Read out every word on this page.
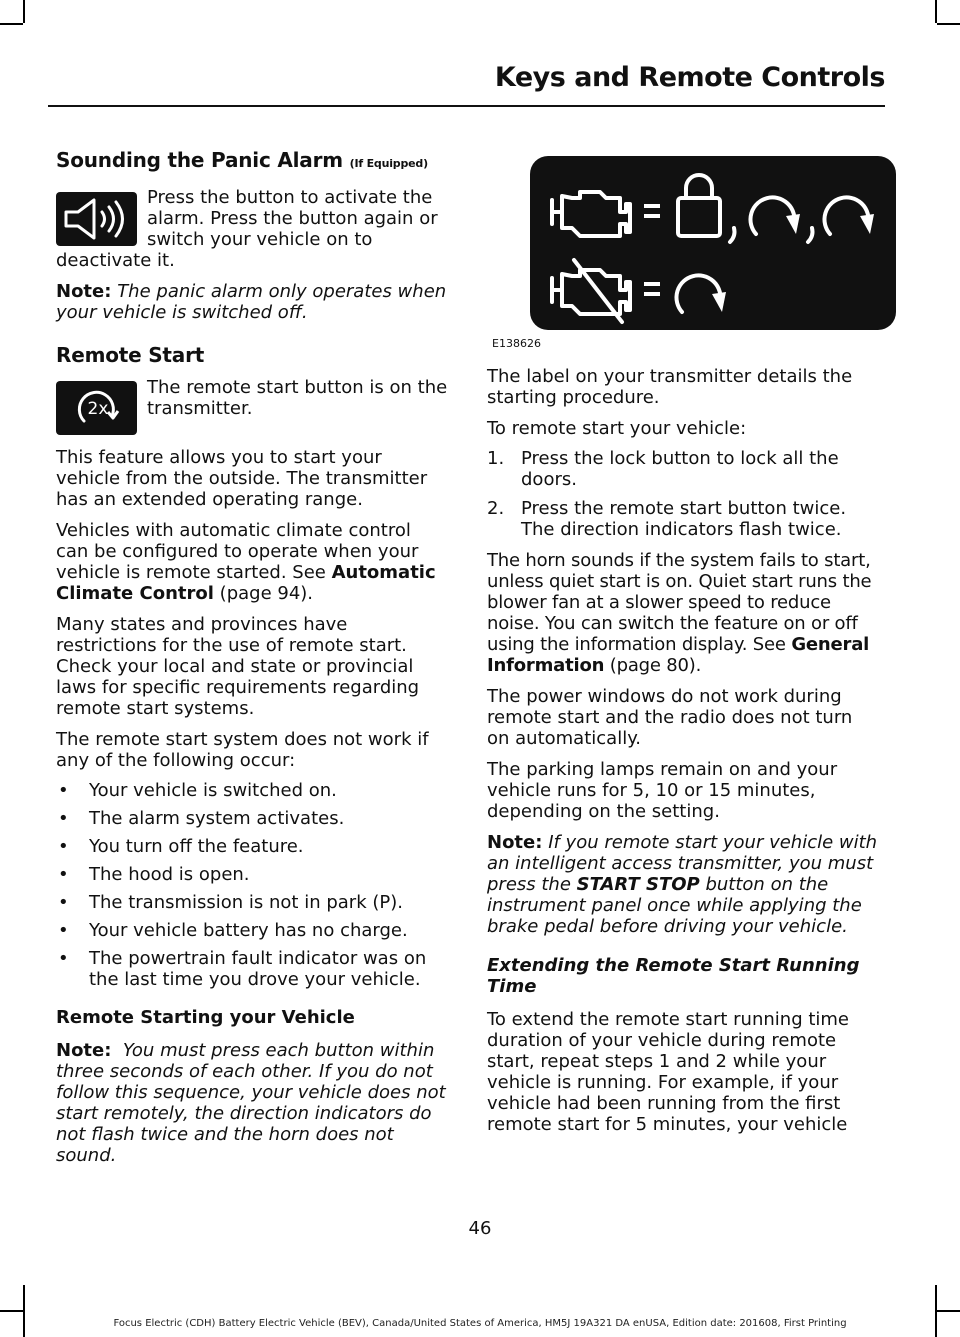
Keys and Remote Controls
Sounding the Panic Alarm (If Equipped)

Press the button to activate the
alarm. Press the button again or
switch your vehicle on to
deactivate it.

Note: The panic alarm only operates when your vehicle is switched off.

Remote Start
2x

The remote start button is on the transmitter.

This feature allows you to start your vehicle from the outside. The transmitter has an extended operating range.

Vehicles with automatic climate control can be configured to operate when your vehicle is remote started. See Automatic Climate Control (page 94).

Many states and provinces have restrictions for the use of remote start. Check your local and state or provincial laws for specific requirements regarding remote start systems.

The remote start system does not work if any of the following occur:

• Your vehicle is switched on.
• The alarm system activates.
• You turn off the feature.
• The hood is open.
• The transmission is not in park (P).
• Your vehicle battery has no charge.
• The powertrain fault indicator was on the last time you drove your vehicle.
Remote Starting your Vehicle

Note: You must press each button within three seconds of each other. If you do not follow this sequence, your vehicle does not start remotely, the direction indicators do not flash twice and the horn does not sound.

E138626

The label on your transmitter details the starting procedure.

To remote start your vehicle:

1. Press the lock button to lock all the doors.
2. Press the remote start button twice. The direction indicators flash twice.

The horn sounds if the system fails to start, unless quiet start is on. Quiet start runs the blower fan at a slower speed to reduce noise. You can switch the feature on or off using the information display. See General Information (page 80).

The power windows do not work during remote start and the radio does not turn on automatically.

The parking lamps remain on and your vehicle runs for 5, 10 or 15 minutes, depending on the setting.

Note: If you remote start your vehicle with an intelligent access transmitter, you must press the START STOP button on the instrument panel once while applying the brake pedal before driving your vehicle.

Extending the Remote Start Running Time

To extend the remote start running time duration of your vehicle during remote start, repeat steps 1 and 2 while your vehicle is running. For example, if your vehicle had been running from the first remote start for 5 minutes, your vehicle

46
Focus Electric (CDH) Battery Electric Vehicle (BEV), Canada/United States of America, HM5J 19A321 DA enUSA, Edition date: 201608, First Printing
